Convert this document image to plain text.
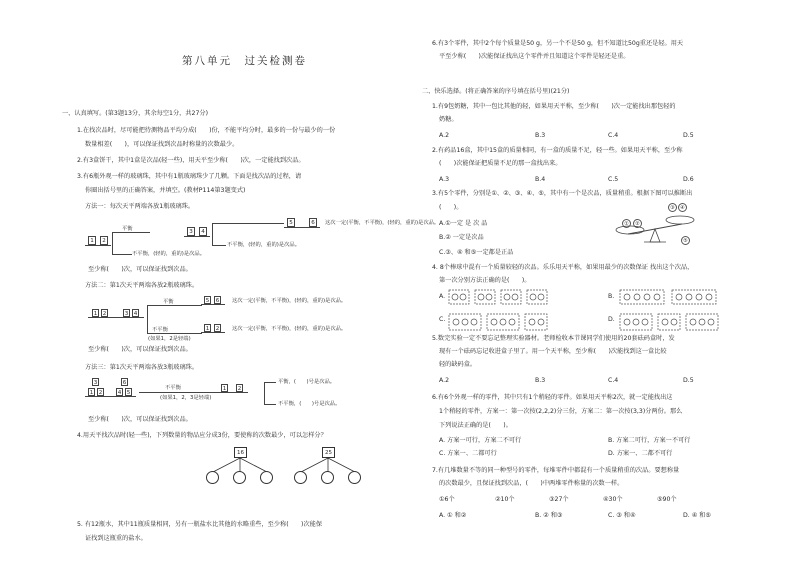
第八单元　过关检测卷
一、认真填写。(第3题13分，其余每空1分，共27分)
1.在找次品时，尽可能把待测物品平均分成(　　)份，不能平均分时，最多的一份与最少的一份
数量相差(　　)，可以保证找到次品时称量的次数最少。
2.有3盒饼干，其中1盒是次品(轻一些)，用天平至少称(　　)次，一定能找到次品。
3.有6瓶外观一样的玻璃珠，其中有1瓶玻璃珠少了几颗。下面是找次品的过程，请
你圈出括号里的正确答案，并填空。(教材P114第3题变式)
方法一：每次天平两端各放1瓶玻璃珠。
1	2
平衡
不平衡，(轻的，重的)是次品。
3	4
不平衡，(轻的，重的)是次品。
5	6	这次一定(平衡，不平衡)，(轻的，重的)是次品。
至少称(　　)次，可以保证找到次品。
方法二：第1次天平两端各放2瓶玻璃珠。
1 2	3 4
平衡
不平衡
(如果1，2是轻端)
5	6
1	2
这次一定(平衡，不平衡)，(轻的，重的)是次品。
这次一定(平衡，不平衡)，(轻的，重的)是次品。
至少称(　　)次，可以保证找到次品。
方法三：第1次天平两端各放3瓶玻璃珠。
3	6
1 2	4 5
不平衡
(如果1，2，3是轻端)
1	2
平衡，(　　)号是次品。
不平衡，(　　)号是次品。
至少称(　　)次，可以保证找到次品。
4.用天平找次品时(轻一些)，下列数量的物品应分成3份，要使称的次数最少，可以怎样分？
16	25
5. 有12瓶水，其中11瓶质量相同，另有一瓶盐水比其他的水略重些，至少称(　　)次能保
证找到这瓶重的盐水。
6.有3个零件，其中2个每个质量是50 g，另一个不是50 g，但不知道比50g重还是轻。用天
平至少称(　　)次能保证找出这个零件并且知道这个零件是轻还是重。
二、快乐选择。(将正确答案的序号填在括号里)(21分)
1.有9包奶糖，其中一包比其他的轻，如果用天平称，至少称(　　)次一定能找出那包轻的
奶糖。
A.2	B.3	C.4	D.5
2.有药品16盒，其中15盒的质量相同，有一盒的质量不足，轻一些。如果用天平称，至少称
(　　)次能保证把质量不足的那一盒找出来。
A.3	B.4	C.5	D.6
3.有5个零件，分别是①、②、③、④、⑤，其中有一个是次品，质量稍重。根据下图可以推断出
(　　)。
A.①一定 是 次 品
B.② 一定是次品
C.③、④ 和⑤一定都是正品
①	②
③	④
⑤
4. 8个棒球中混有一个质量较轻的次品。乐乐用天平称，如果用最少的次数保证 找出这个次品，
第一次分别方法正确的是(　　)。
A.	B.
C.	D.
5.数完实验一定不要忘记整理实验器材。老师检收本节课同学们使用的20套砝码盒时，发
现有一个砝码忘记收进盒子里了。用一个天平称，至少称(　　)次能找到这一盒比较
轻的缺码盒。
A.2	B.3	C.4	D.5
6.有6个外观一样的零件，其中只有1个稍轻的零件。如果用天平称2次，就一定能找出这
1个稍轻的零件，方案一：第一次按(2,2,2)分三份，方案二：第一次按(3,3)分两份。那么
下列说法正确的是(　　)。
A. 方案一可行，方案二不可行	B. 方案二可行，方案一不可行
C. 方案一、二都可行	D. 方案一、二都不可行
7.有几堆数量不等的同一种型号的零件，每堆零件中都混有一个质量稍重的次品。要想称量
的次数最少，且保证找到次品，(　　)中两堆零件称量的次数一样。
①6个	②10个	③27个	④30个	⑤90个
A. ① 和②	B. ② 和③	C. ③ 和④	D. ④ 和⑤
